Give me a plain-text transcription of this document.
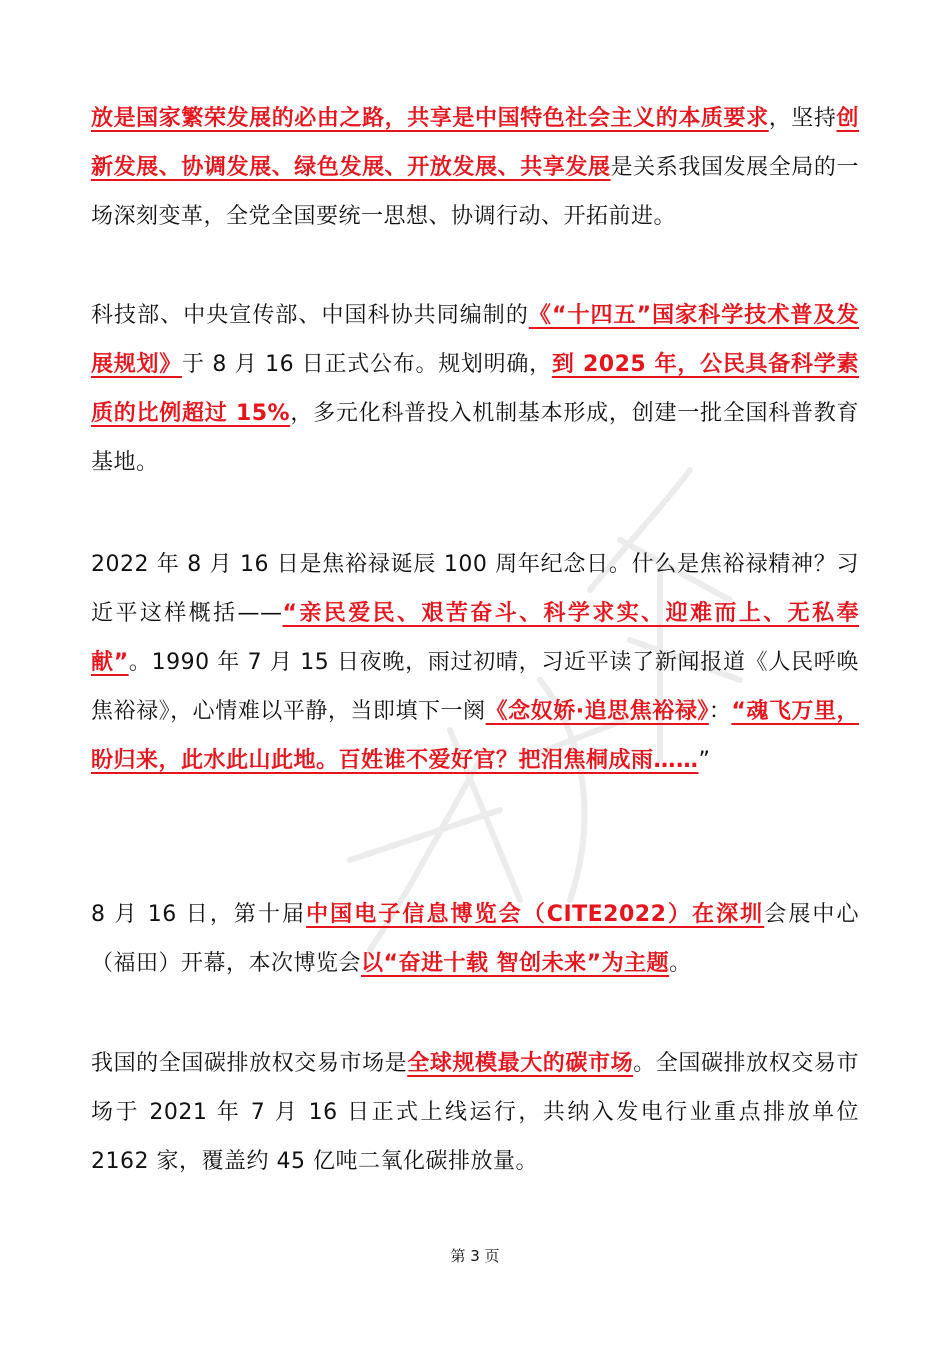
放是国家繁荣发展的必由之路，共享是中国特色社会主义的本质要求，坚持创新发展、协调发展、绿色发展、开放发展、共享发展是关系我国发展全局的一场深刻变革，全党全国要统一思想、协调行动、开拓前进。

科技部、中央宣传部、中国科协共同编制的《“十四五”国家科学技术普及发展规划》于 8 月 16 日正式公布。规划明确，到 2025 年，公民具备科学素质的比例超过 15%，多元化科普投入机制基本形成，创建一批全国科普教育基地。

2022 年 8 月 16 日是焦裕禄诞辰 100 周年纪念日。什么是焦裕禄精神？习近平这样概括——“亲民爱民、艰苦奋斗、科学求实、迎难而上、无私奉献”。1990 年 7 月 15 日夜晚，雨过初晴，习近平读了新闻报道《人民呼唤焦裕禄》，心情难以平静，当即填下一阕《念奴娇·追思焦裕禄》：“魂飞万里，盼归来，此水此山此地。百姓谁不爱好官？把泪焦桐成雨……”

8 月 16 日，第十届中国电子信息博览会（CITE2022）在深圳会展中心（福田）开幕，本次博览会以“奋进十载 智创未来”为主题。

我国的全国碳排放权交易市场是全球规模最大的碳市场。全国碳排放权交易市场于 2021 年 7 月 16 日正式上线运行，共纳入发电行业重点排放单位 2162 家，覆盖约 45 亿吨二氧化碳排放量。

第 3 页
